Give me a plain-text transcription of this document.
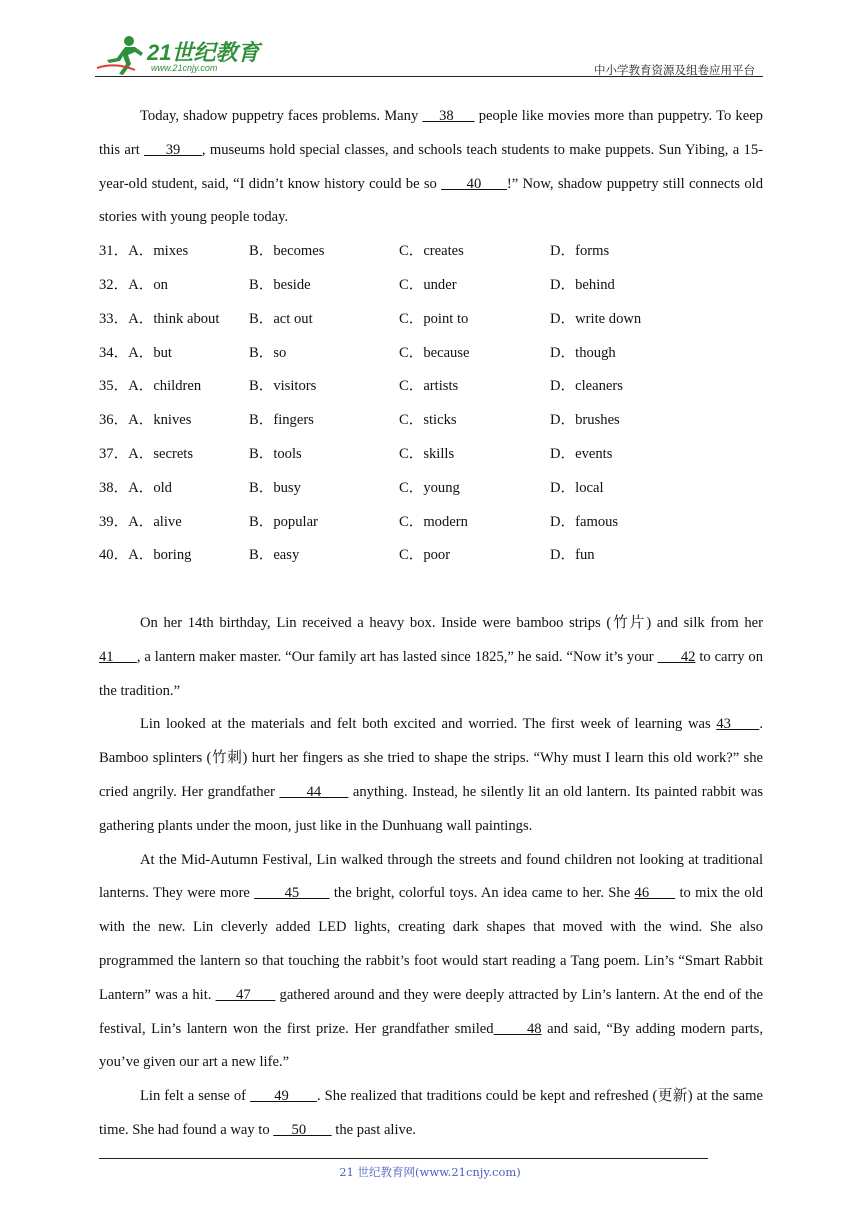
21世纪教育
www.21cnjy.com	中小学教育资源及组卷应用平台

Today, shadow puppetry faces problems. Many     38      people like movies more than puppetry. To keep this art      39     , museums hold special classes, and schools teach students to make puppets. Sun Yibing, a 15-year-old student, said, “I didn’t know history could be so       40      !” Now, shadow puppetry still connects old stories with young people today.

31．A．mixes	B．becomes	C．creates	D．forms
32．A．on	B．beside	C．under	D．behind
33．A．think about B．act out	C．point to	D．write down
34．A．but	B．so	C．because	D．though
35．A．children	B．visitors	C．artists	D．cleaners
36．A．knives	B．fingers	C．sticks	D．brushes
37．A．secrets	B．tools	C．skills	D．events
38．A．old	B．busy	C．young	D．local
39．A．alive	B．popular	C．modern	D．famous
40．A．boring	B．easy	C．poor	D．fun

On her 14th birthday, Lin received a heavy box. Inside were bamboo strips (竹片) and silk from her 41      , a lantern maker master. “Our family art has lasted since 1825,” he said. “Now it’s your       42 to carry on the tradition.”

Lin looked at the materials and felt both excited and worried. The first week of learning was 43     . Bamboo splinters (竹刺) hurt her fingers as she tried to shape the strips. “Why must I learn this old work?” she cried angrily. Her grandfather       44       anything. Instead, he silently lit an old lantern. Its painted rabbit was gathering plants under the moon, just like in the Dunhuang wall paintings.

At the Mid-Autumn Festival, Lin walked through the streets and found children not looking at traditional lanterns. They were more        45        the bright, colorful toys. An idea came to her. She 46       to mix the old with the new. Lin cleverly added LED lights, creating dark shapes that moved with the wind. She also programmed the lantern so that touching the rabbit’s foot would start reading a Tang poem. Lin’s “Smart Rabbit Lantern” was a hit.      47       gathered around and they were deeply attracted by Lin’s lantern. At the end of the festival, Lin’s lantern won the first prize. Her grandfather smiled      48 and said, “By adding modern parts, you’ve given our art a new life.”

Lin felt a sense of       49       . She realized that traditions could be kept and refreshed (更新) at the same time. She had found a way to      50        the past alive.

21 世纪教育网(www.21cnjy.com)
